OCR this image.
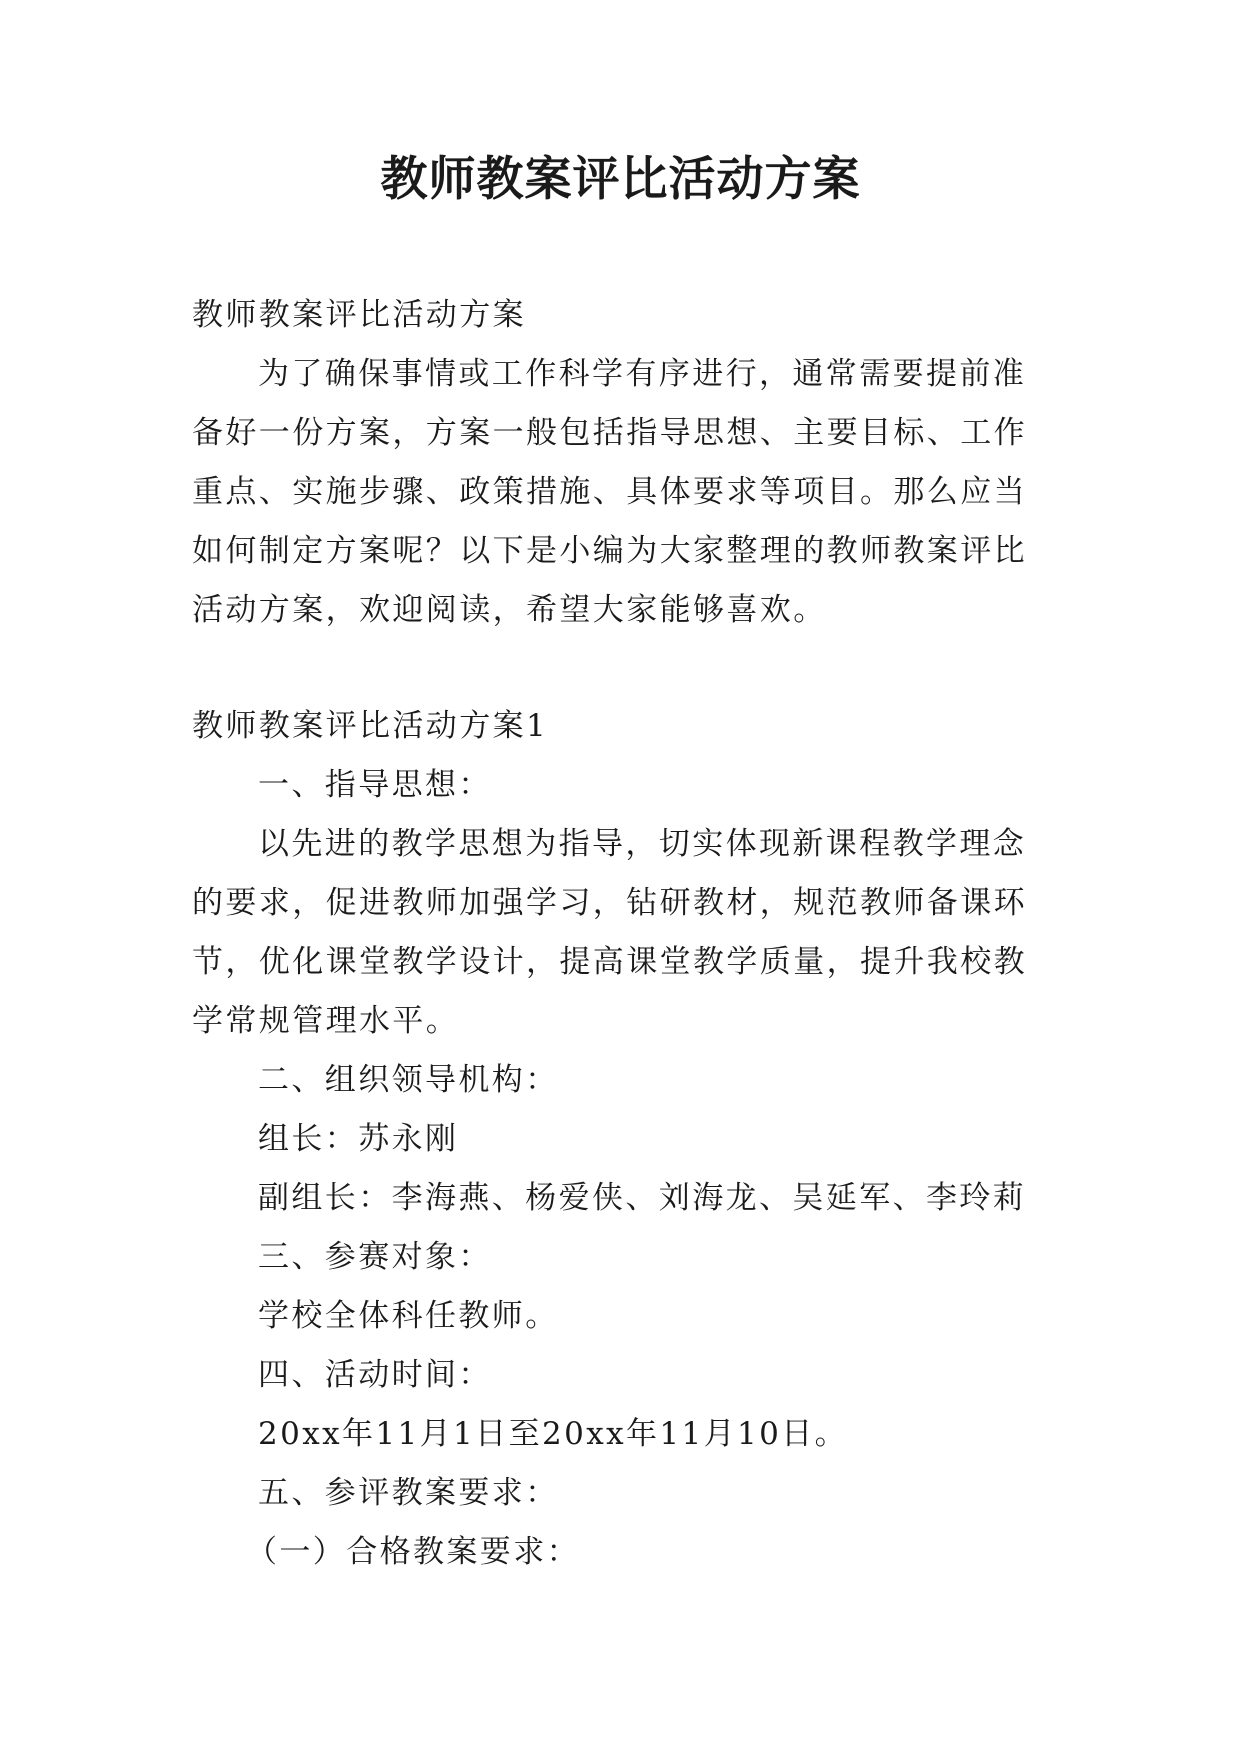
教师教案评比活动方案

教师教案评比活动方案

为了确保事情或工作科学有序进行，通常需要提前准备好一份方案，方案一般包括指导思想、主要目标、工作重点、实施步骤、政策措施、具体要求等项目。那么应当如何制定方案呢？以下是小编为大家整理的教师教案评比活动方案，欢迎阅读，希望大家能够喜欢。

教师教案评比活动方案1

一、指导思想：

以先进的教学思想为指导，切实体现新课程教学理念的要求，促进教师加强学习，钻研教材，规范教师备课环节，优化课堂教学设计，提高课堂教学质量，提升我校教学常规管理水平。

二、组织领导机构：

组长：苏永刚

副组长：李海燕、杨爱侠、刘海龙、吴延军、李玲莉

三、参赛对象：

学校全体科任教师。

四、活动时间：

20xx年11月1日至20xx年11月10日。

五、参评教案要求：

（一）合格教案要求：
